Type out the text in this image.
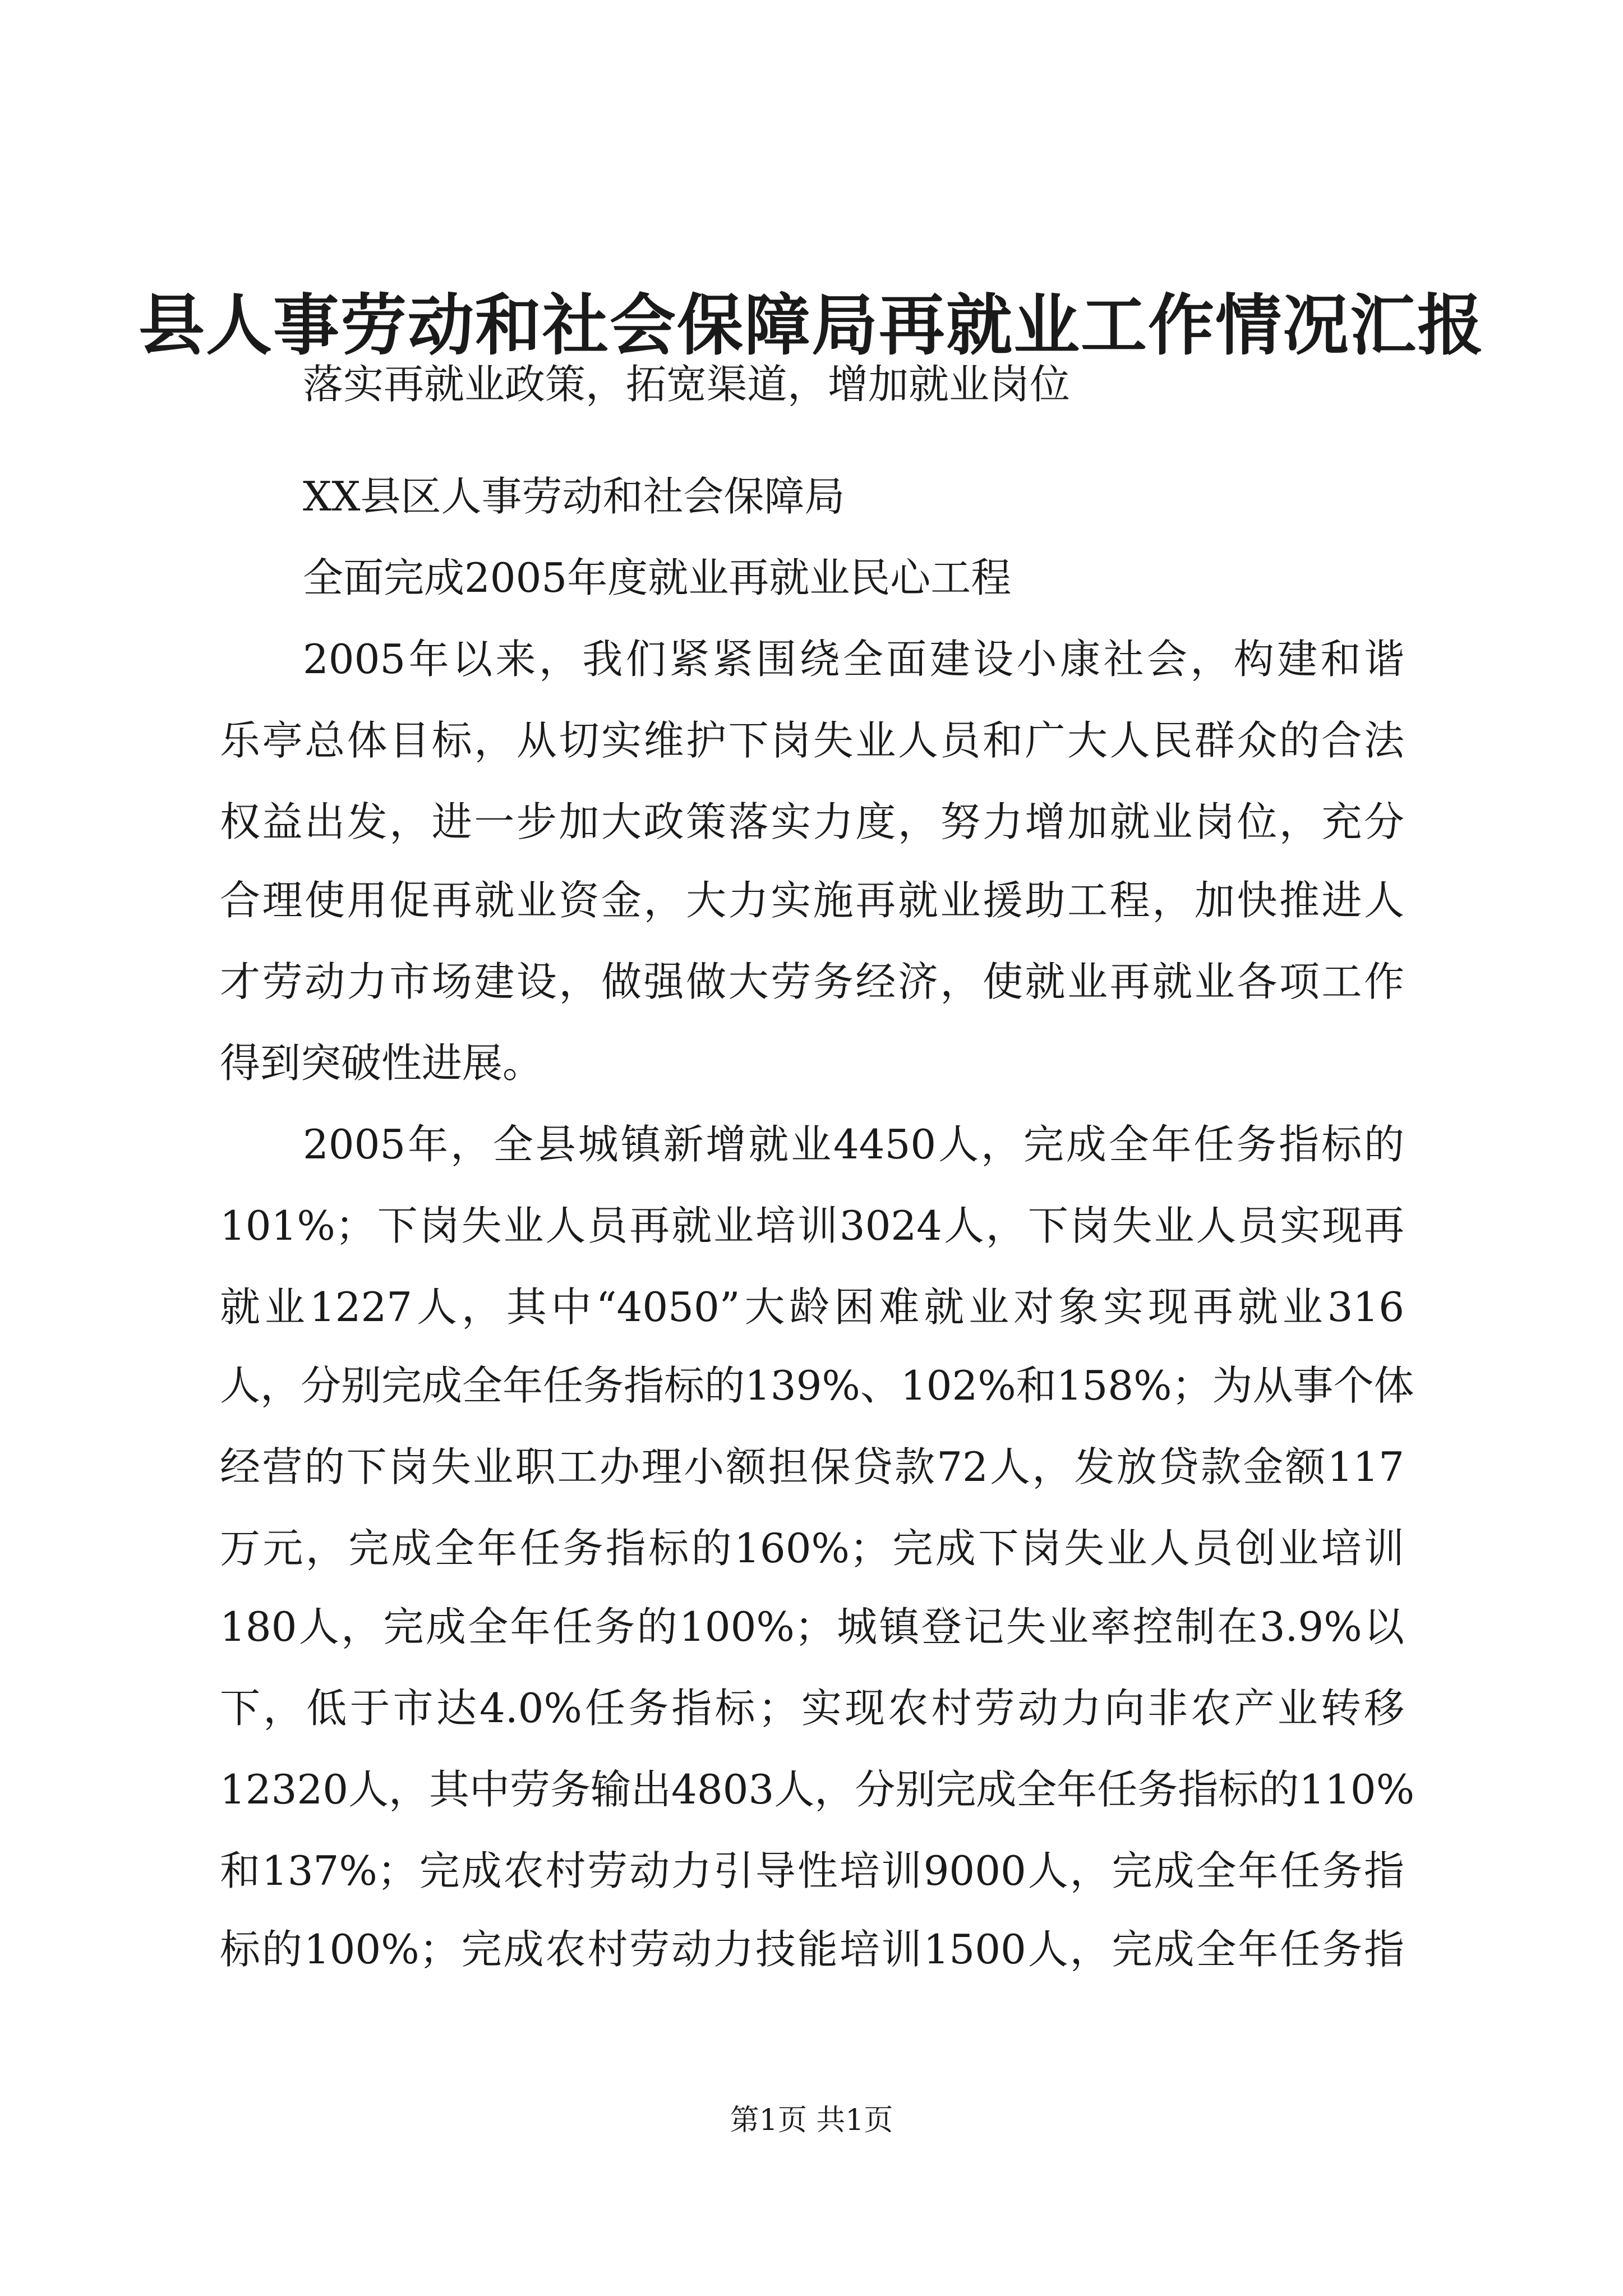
县人事劳动和社会保障局再就业工作情况汇报
落实再就业政策，拓宽渠道，增加就业岗位
XX县区人事劳动和社会保障局
全面完成2005年度就业再就业民心工程
2005年以来，我们紧紧围绕全面建设小康社会，构建和谐
乐亭总体目标，从切实维护下岗失业人员和广大人民群众的合法
权益出发，进一步加大政策落实力度，努力增加就业岗位，充分
合理使用促再就业资金，大力实施再就业援助工程，加快推进人
才劳动力市场建设，做强做大劳务经济，使就业再就业各项工作
得到突破性进展。
2005年，全县城镇新增就业4450人，完成全年任务指标的
101%；下岗失业人员再就业培训3024人，下岗失业人员实现再
就业1227人，其中“4050”大龄困难就业对象实现再就业316
人，分别完成全年任务指标的139%、102%和158%；为从事个体
经营的下岗失业职工办理小额担保贷款72人，发放贷款金额117
万元，完成全年任务指标的160%；完成下岗失业人员创业培训
180人，完成全年任务的100%；城镇登记失业率控制在3.9%以
下，低于市达4.0%任务指标；实现农村劳动力向非农产业转移
12320人，其中劳务输出4803人，分别完成全年任务指标的110%
和137%；完成农村劳动力引导性培训9000人，完成全年任务指
标的100%；完成农村劳动力技能培训1500人，完成全年任务指
第1页 共1页
